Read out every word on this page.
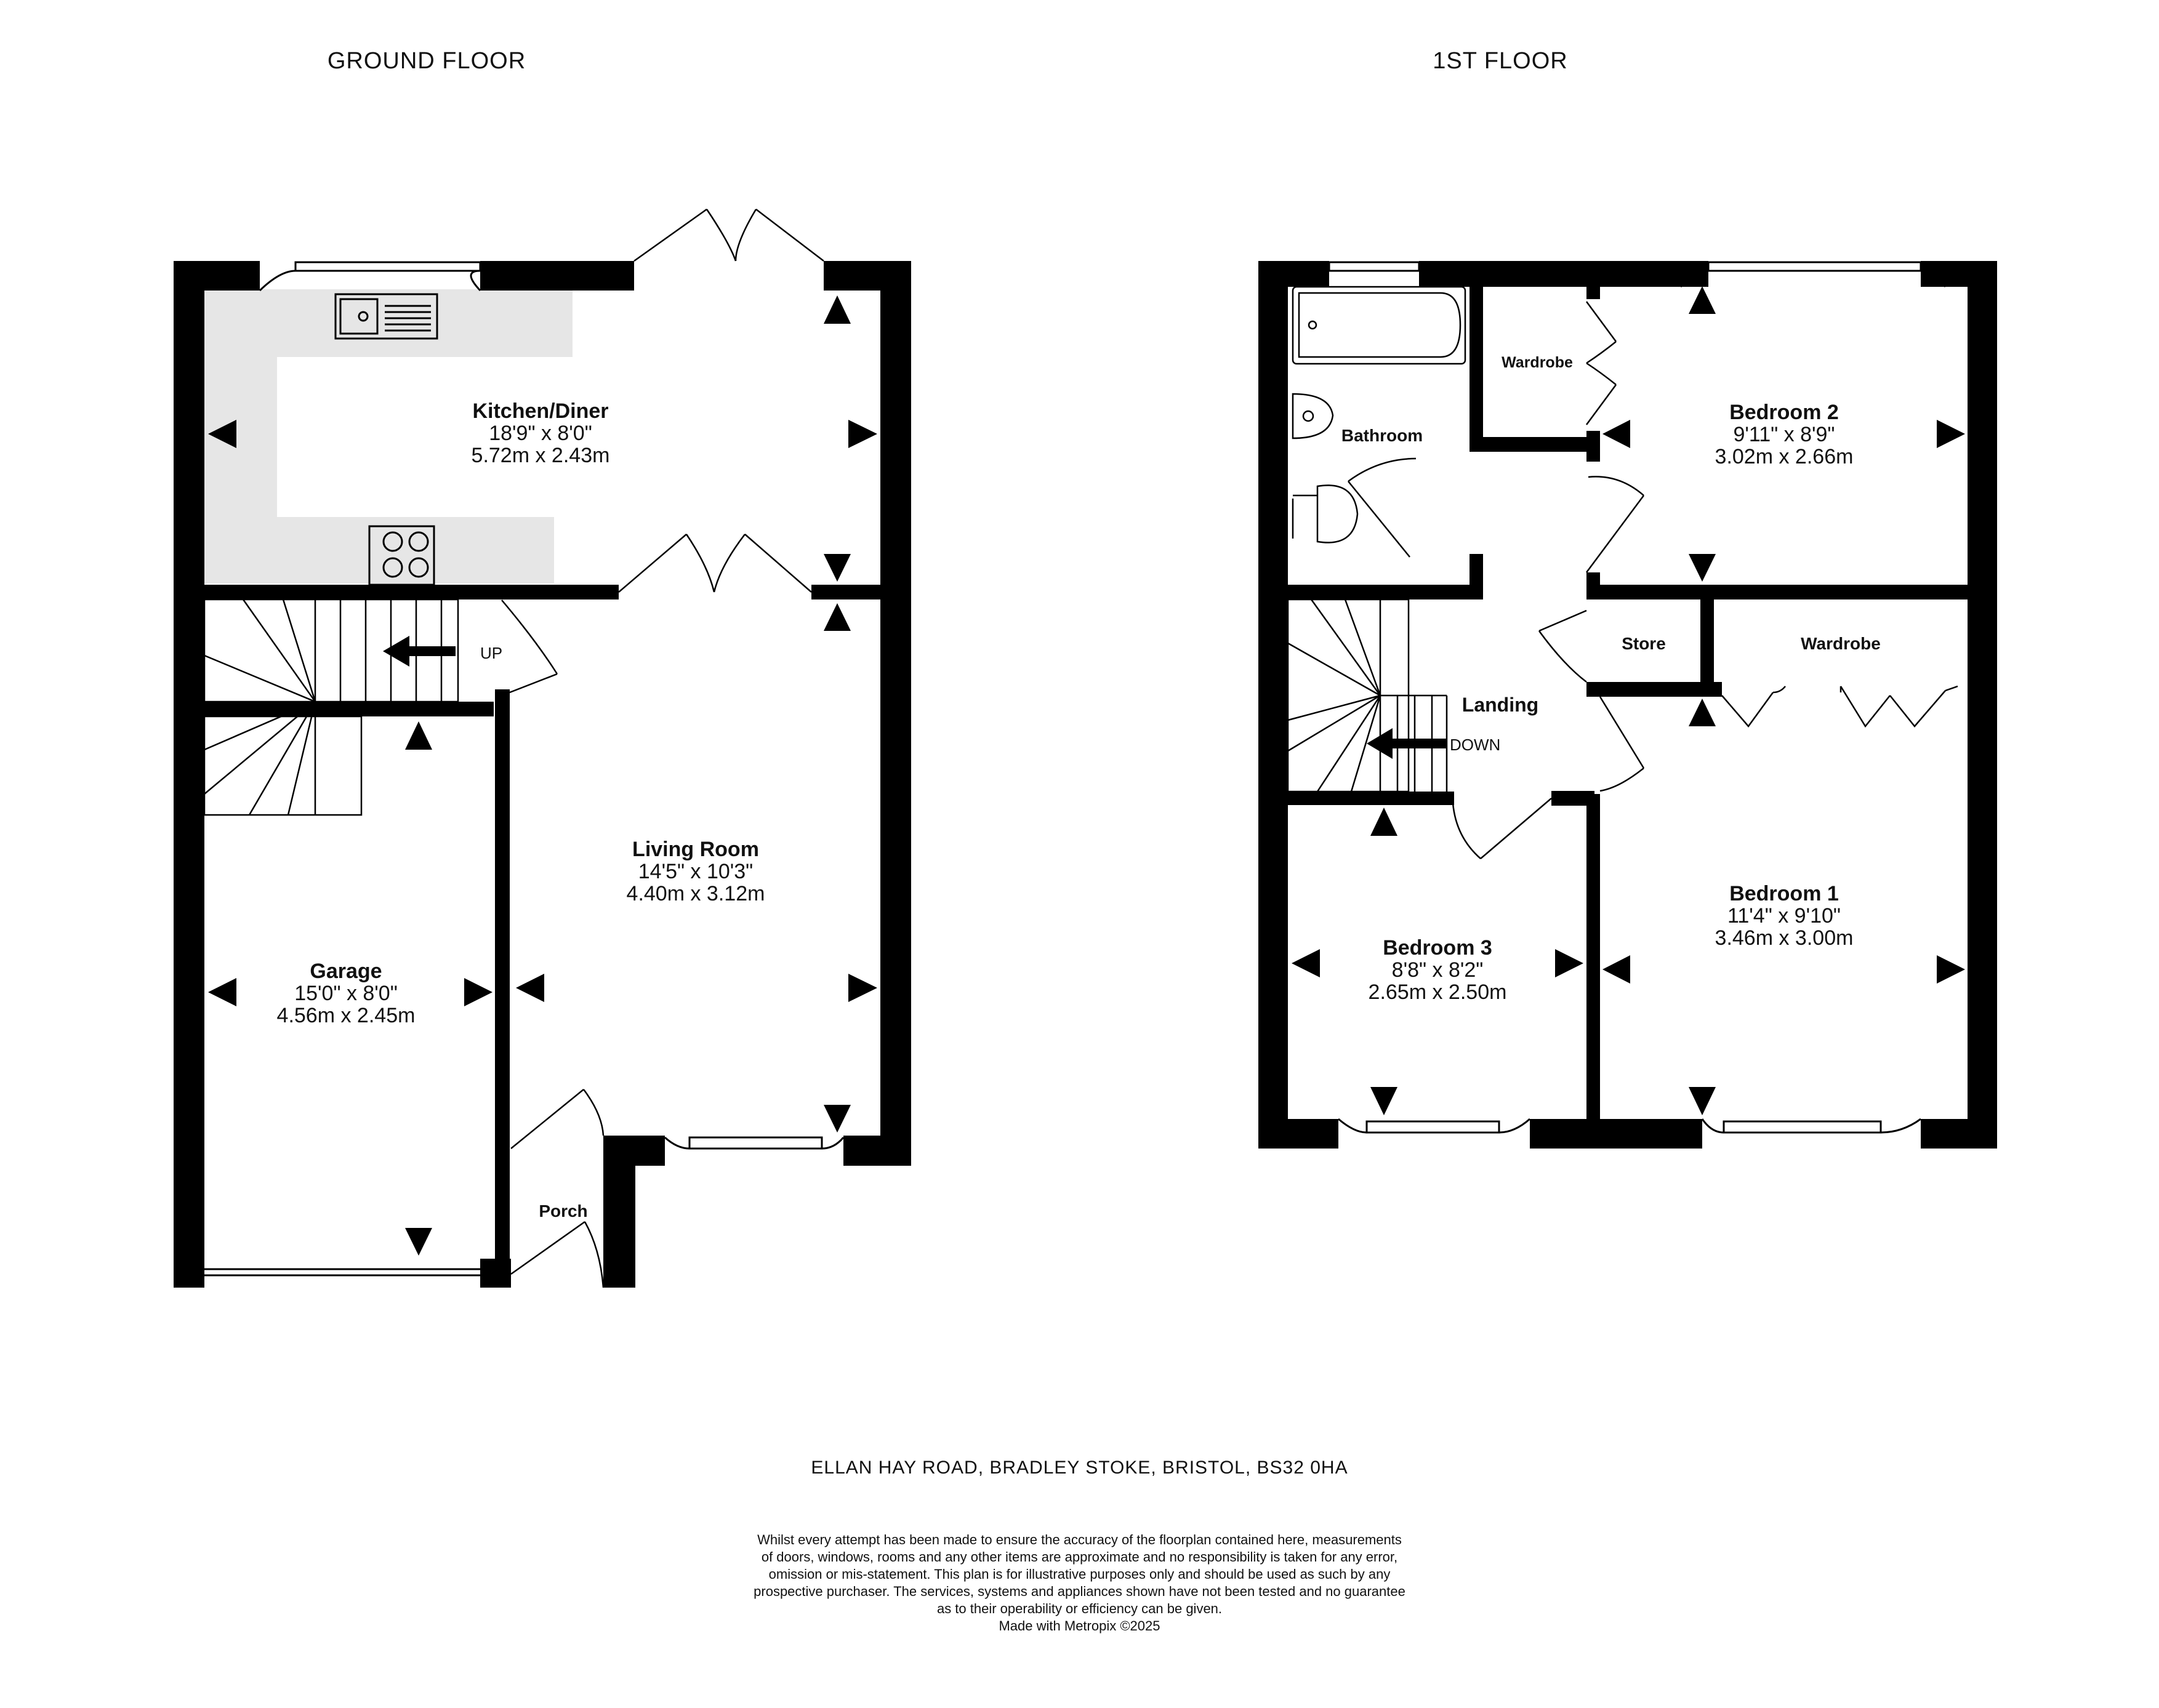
GROUND FLOOR	1ST FLOOR
Kitchen/Diner
18'9" x 8'0"
5.72m x 2.43m
Living Room
14'5" x 10'3"
4.40m x 3.12m
Garage
15'0" x 8'0"
4.56m x 2.45m
Porch
UP
Bathroom
Wardrobe
Bedroom 2
9'11" x 8'9"
3.02m x 2.66m
Store	Wardrobe
Landing
DOWN
Bedroom 3
8'8" x 8'2"
2.65m x 2.50m
Bedroom 1
11'4" x 9'10"
3.46m x 3.00m
ELLAN HAY ROAD, BRADLEY STOKE, BRISTOL, BS32 0HA
Whilst every attempt has been made to ensure the accuracy of the floorplan contained here, measurements
of doors, windows, rooms and any other items are approximate and no responsibility is taken for any error,
omission or mis-statement. This plan is for illustrative purposes only and should be used as such by any
prospective purchaser. The services, systems and appliances shown have not been tested and no guarantee
as to their operability or efficiency can be given.
Made with Metropix ©2025
